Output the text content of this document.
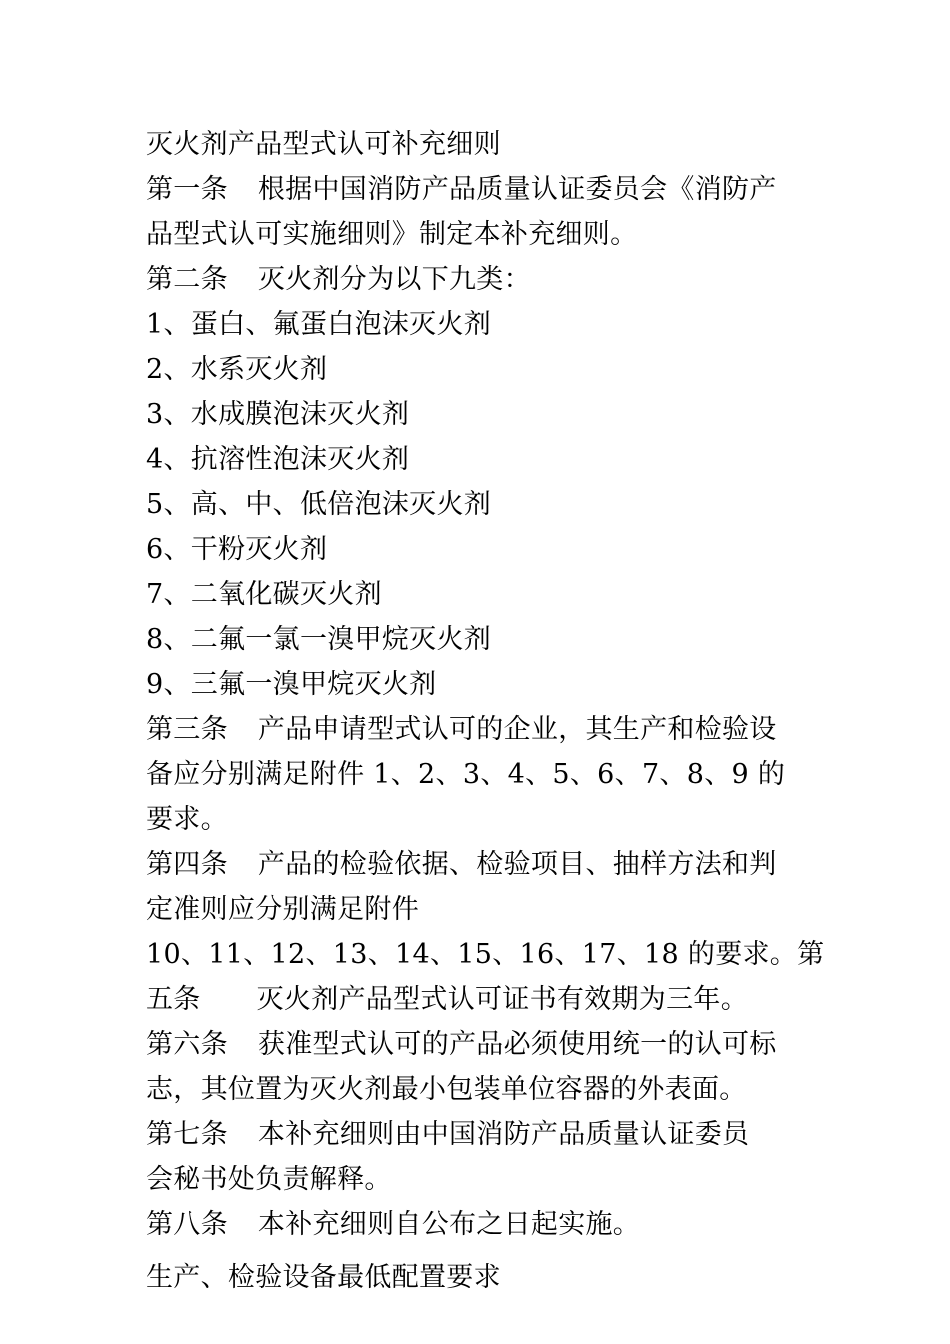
灭火剂产品型式认可补充细则
第一条 根据中国消防产品质量认证委员会《消防产
品型式认可实施细则》制定本补充细则。
第二条 灭火剂分为以下九类：
1、蛋白、氟蛋白泡沫灭火剂
2、水系灭火剂
3、水成膜泡沫灭火剂
4、抗溶性泡沫灭火剂
5、高、中、低倍泡沫灭火剂
6、干粉灭火剂
7、二氧化碳灭火剂
8、二氟一氯一溴甲烷灭火剂
9、三氟一溴甲烷灭火剂
第三条 产品申请型式认可的企业，其生产和检验设
备应分别满足附件 1、2、3、4、5、6、7、8、9 的
要求。
第四条 产品的检验依据、检验项目、抽样方法和判
定准则应分别满足附件
10、11、12、13、14、15、16、17、18 的要求。第
五条 灭火剂产品型式认可证书有效期为三年。
第六条 获准型式认可的产品必须使用统一的认可标
志，其位置为灭火剂最小包装单位容器的外表面。
第七条 本补充细则由中国消防产品质量认证委员
会秘书处负责解释。
第八条 本补充细则自公布之日起实施。
生产、检验设备最低配置要求
